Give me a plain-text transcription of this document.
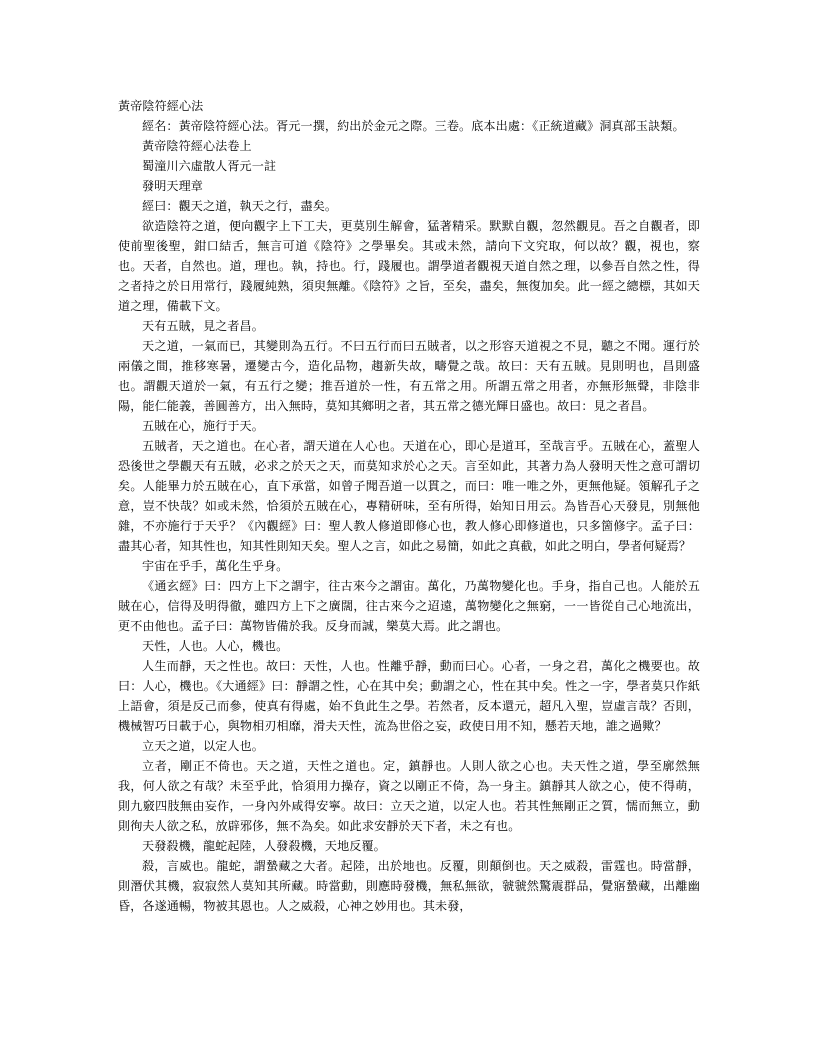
黃帝陰符經心法

經名：黃帝陰符經心法。胥元一撰，約出於金元之際。三卷。底本出處：《正統道藏》洞真部玉訣類。

黃帝陰符經心法卷上

蜀潼川六虛散人胥元一註

發明天理章

經曰：觀天之道，執天之行，盡矣。

欲造陰符之道，便向觀字上下工夫，更莫別生解會，猛著精采。默默自觀，忽然觀見。吾之自觀者，即使前聖後聖，鉗口結舌，無言可道《陰符》之學畢矣。其或未然，請向下文究取，何以故？觀，視也，察也。天者，自然也。道，理也。執，持也。行，踐履也。謂學道者觀視天道自然之理，以參吾自然之性，得之者持之於日用常行，踐履純熟，須臾無離。《陰符》之旨，至矣，盡矣，無復加矣。此一經之總標，其如天道之理，備載下文。

天有五賊，見之者昌。

天之道，一氣而已，其變則為五行。不曰五行而曰五賊者，以之形容天道視之不見，聽之不聞。運行於兩儀之間，推移寒暑，遷變古今，造化品物，趨新失故，疇覺之哉。故曰：天有五賊。見則明也，昌則盛也。謂觀天道於一氣，有五行之變；推吾道於一性，有五常之用。所謂五常之用者，亦無形無聲，非陰非陽，能仁能義，善圓善方，出入無時，莫知其鄉明之者，其五常之德光輝日盛也。故曰：見之者昌。

五賊在心，施行于天。

五賊者，天之道也。在心者，謂天道在人心也。天道在心，即心是道耳，至哉言乎。五賊在心，蓋聖人恐後世之學觀天有五賊，必求之於天之天，而莫知求於心之天。言至如此，其著力為人發明天性之意可謂切矣。人能畢力於五賊在心，直下承當，如曾子聞吾道一以貫之，而曰：唯一唯之外，更無他疑。領解孔子之意，豈不快哉？如或未然，恰須於五賊在心，專精研味，至有所得，始知日用云。為皆吾心天發見，別無他雜，不亦施行于天乎？《內觀經》曰：聖人教人修道即修心也，教人修心即修道也，只多箇修字。孟子曰：盡其心者，知其性也，知其性則知天矣。聖人之言，如此之易簡，如此之真截，如此之明白，學者何疑焉？

宇宙在乎手，萬化生乎身。

《通玄經》曰：四方上下之謂宇，往古來今之謂宙。萬化，乃萬物變化也。手身，指自己也。人能於五賊在心，信得及明得徹，雖四方上下之廣闊，往古來今之迢遠，萬物變化之無窮，一一皆從自己心地流出，更不由他也。孟子曰：萬物皆備於我。反身而誠，樂莫大焉。此之謂也。

天性，人也。人心，機也。

人生而靜，天之性也。故曰：天性，人也。性離乎靜，動而曰心。心者，一身之君，萬化之機要也。故曰：人心，機也。《大通經》曰：靜謂之性，心在其中矣；動謂之心，性在其中矣。性之一字，學者莫只作紙上語會，須是反己而參，使真有得處，始不負此生之學。若然者，反本還元，超凡入聖，豈虛言哉？否則，機械智巧日載于心，與物相刃相靡，滑夫天性，流為世俗之妄，政使日用不知，懸若天地，誰之過歟？

立天之道，以定人也。

立者，剛正不倚也。天之道，天性之道也。定，鎮靜也。人則人欲之心也。夫天性之道，學至廓然無我，何人欲之有哉？未至乎此，恰須用力操存，資之以剛正不倚，為一身主。鎮靜其人欲之心，使不得萌，則九竅四肢無由妄作，一身內外咸得安寧。故曰：立天之道，以定人也。若其性無剛正之質，懦而無立，動則徇夫人欲之私，放辟邪侈，無不為矣。如此求安靜於天下者，未之有也。

天發殺機，龍蛇起陸，人發殺機，天地反覆。

殺，言威也。龍蛇，謂蟄藏之大者。起陸，出於地也。反覆，則顛倒也。天之威殺，雷霆也。時當靜，則潛伏其機，寂寂然人莫知其所藏。時當動，則應時發機，無私無欲，虢虢然驚震群品，覺寤蟄藏，出離幽昏，各遂通暢，物被其恩也。人之威殺，心神之妙用也。其未發，
